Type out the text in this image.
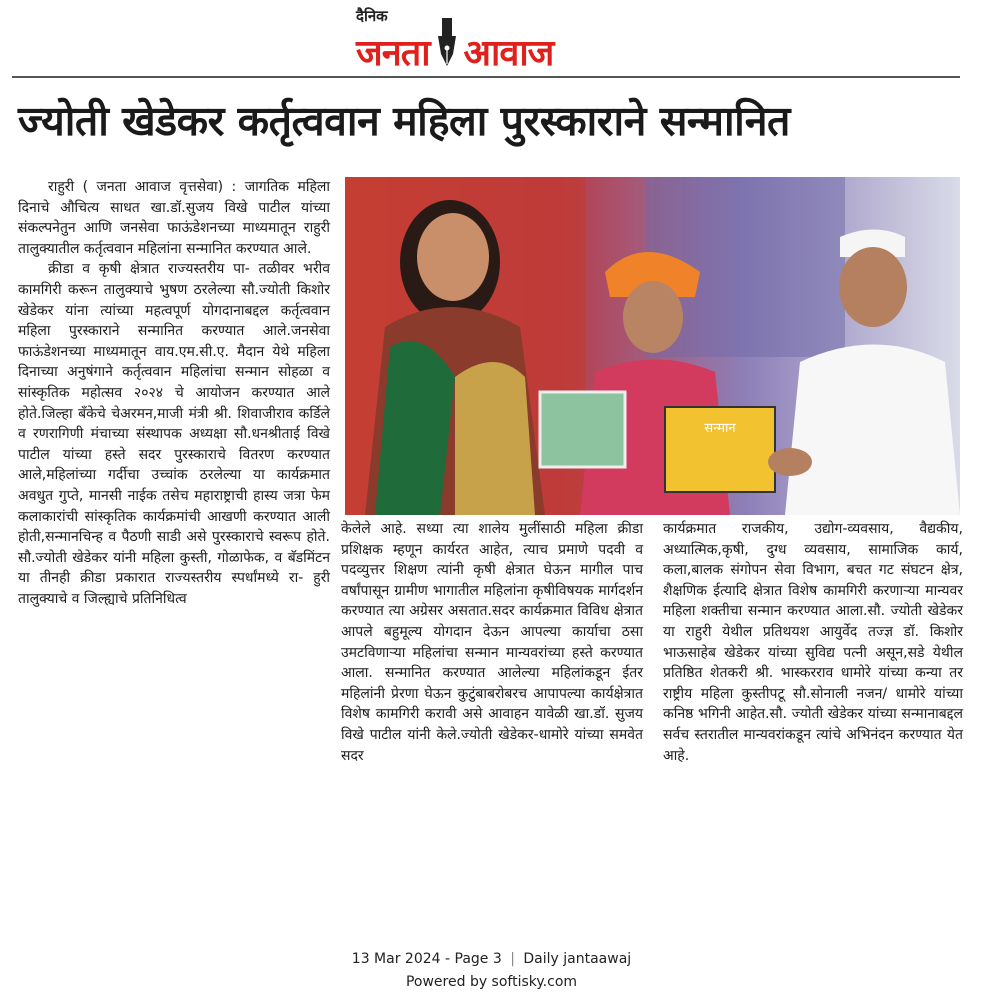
दैनिक
जनता आवाज
ज्योती खेडेकर कर्तृत्ववान महिला पुरस्काराने सन्मानित

राहुरी ( जनता आवाज वृत्तसेवा) : जागतिक महिला दिनाचे औचित्य साधत खा.डॉ.सुजय विखे पाटील यांच्या संकल्पनेतुन आणि जनसेवा फाऊंडेशनच्या माध्यमातून राहुरी तालुक्यातील कर्तृत्ववान महिलांना सन्मानित करण्यात आले.

क्रीडा व कृषी क्षेत्रात राज्यस्तरीय पा- तळीवर भरीव कामगिरी करून तालुक्याचे भुषण ठरलेल्या सौ.ज्योती किशोर खेडेकर यांना त्यांच्या महत्वपूर्ण योगदानाबद्दल कर्तृत्ववान महिला पुरस्काराने सन्मानित करण्यात आले.जनसेवा फाऊंडेशनच्या माध्यमातून वाय.एम.सी.ए. मैदान येथे महिला दिनाच्या अनुषंगाने कर्तृत्ववान महिलांचा सन्मान सोहळा व सांस्कृतिक महोत्सव २०२४ चे आयोजन करण्यात आले होते.जिल्हा बँकेचे चेअरमन,माजी मंत्री श्री. शिवाजीराव कर्डिले व रणरागिणी मंचाच्या संस्थापक अध्यक्षा सौ.धनश्रीताई विखे पाटील यांच्या हस्ते सदर पुरस्काराचे वितरण करण्यात आले,महिलांच्या गर्दीचा उच्चांक ठरलेल्या या कार्यक्रमात अवधुत गुप्ते, मानसी नाईक तसेच महाराष्ट्राची हास्य जत्रा फेम कलाकारांची सांस्कृतिक कार्यक्रमांची आखणी करण्यात आली होती,सन्मानचिन्ह व पैठणी साडी असे पुरस्काराचे स्वरूप होते. सौ.ज्योती खेडेकर यांनी महिला कुस्ती, गोळाफेक, व बॅडमिंटन या तीनही क्रीडा प्रकारात राज्यस्तरीय स्पर्धांमध्ये रा- हुरी तालुक्याचे व जिल्ह्याचे प्रतिनिधित्व

सन्मान

केलेले आहे. सध्या त्या शालेय मुलींसाठी महिला क्रीडा प्रशिक्षक म्हणून कार्यरत आहेत, त्याच प्रमाणे पदवी व पदव्युत्तर शिक्षण त्यांनी कृषी क्षेत्रात घेऊन मागील पाच वर्षांपासून ग्रामीण भागातील महिलांना कृषीविषयक मार्गदर्शन करण्यात त्या अग्रेसर असतात.सदर कार्यक्रमात विविध क्षेत्रात आपले बहुमूल्य योगदान देऊन आपल्या कार्याचा ठसा उमटविणाऱ्या महिलांचा सन्मान मान्यवरांच्या हस्ते करण्यात आला. सन्मानित करण्यात आलेल्या महिलांकडून ईतर महिलांनी प्रेरणा घेऊन कुटुंबाबरोबरच आपापल्या कार्यक्षेत्रात विशेष कामगिरी करावी असे आवाहन यावेळी खा.डॉ. सुजय विखे पाटील यांनी केले.ज्योती खेडेकर-धामोरे यांच्या समवेत सदर

कार्यक्रमात राजकीय, उद्योग-व्यवसाय, वैद्यकीय, अध्यात्मिक,कृषी, दुग्ध व्यवसाय, सामाजिक कार्य, कला,बालक संगोपन सेवा विभाग, बचत गट संघटन क्षेत्र, शैक्षणिक ईत्यादि क्षेत्रात विशेष कामगिरी करणाऱ्या मान्यवर महिला शक्तीचा सन्मान करण्यात आला.सौ. ज्योती खेडेकर या राहुरी येथील प्रतिथयश आयुर्वेद तज्ज्ञ डॉ. किशोर भाऊसाहेब खेडेकर यांच्या सुविद्य पत्नी असून,सडे येथील प्रतिष्ठित शेतकरी श्री. भास्करराव धामोरे यांच्या कन्या तर राष्ट्रीय महिला कुस्तीपटू सौ.सोनाली नजन/ धामोरे यांच्या कनिष्ठ भगिनी आहेत.सौ. ज्योती खेडेकर यांच्या सन्मानाबद्दल सर्वच स्तरातील मान्यवरांकडून त्यांचे अभिनंदन करण्यात येत आहे.

13 Mar 2024 - Page 3 | Daily jantaawaj
Powered by softisky.com
